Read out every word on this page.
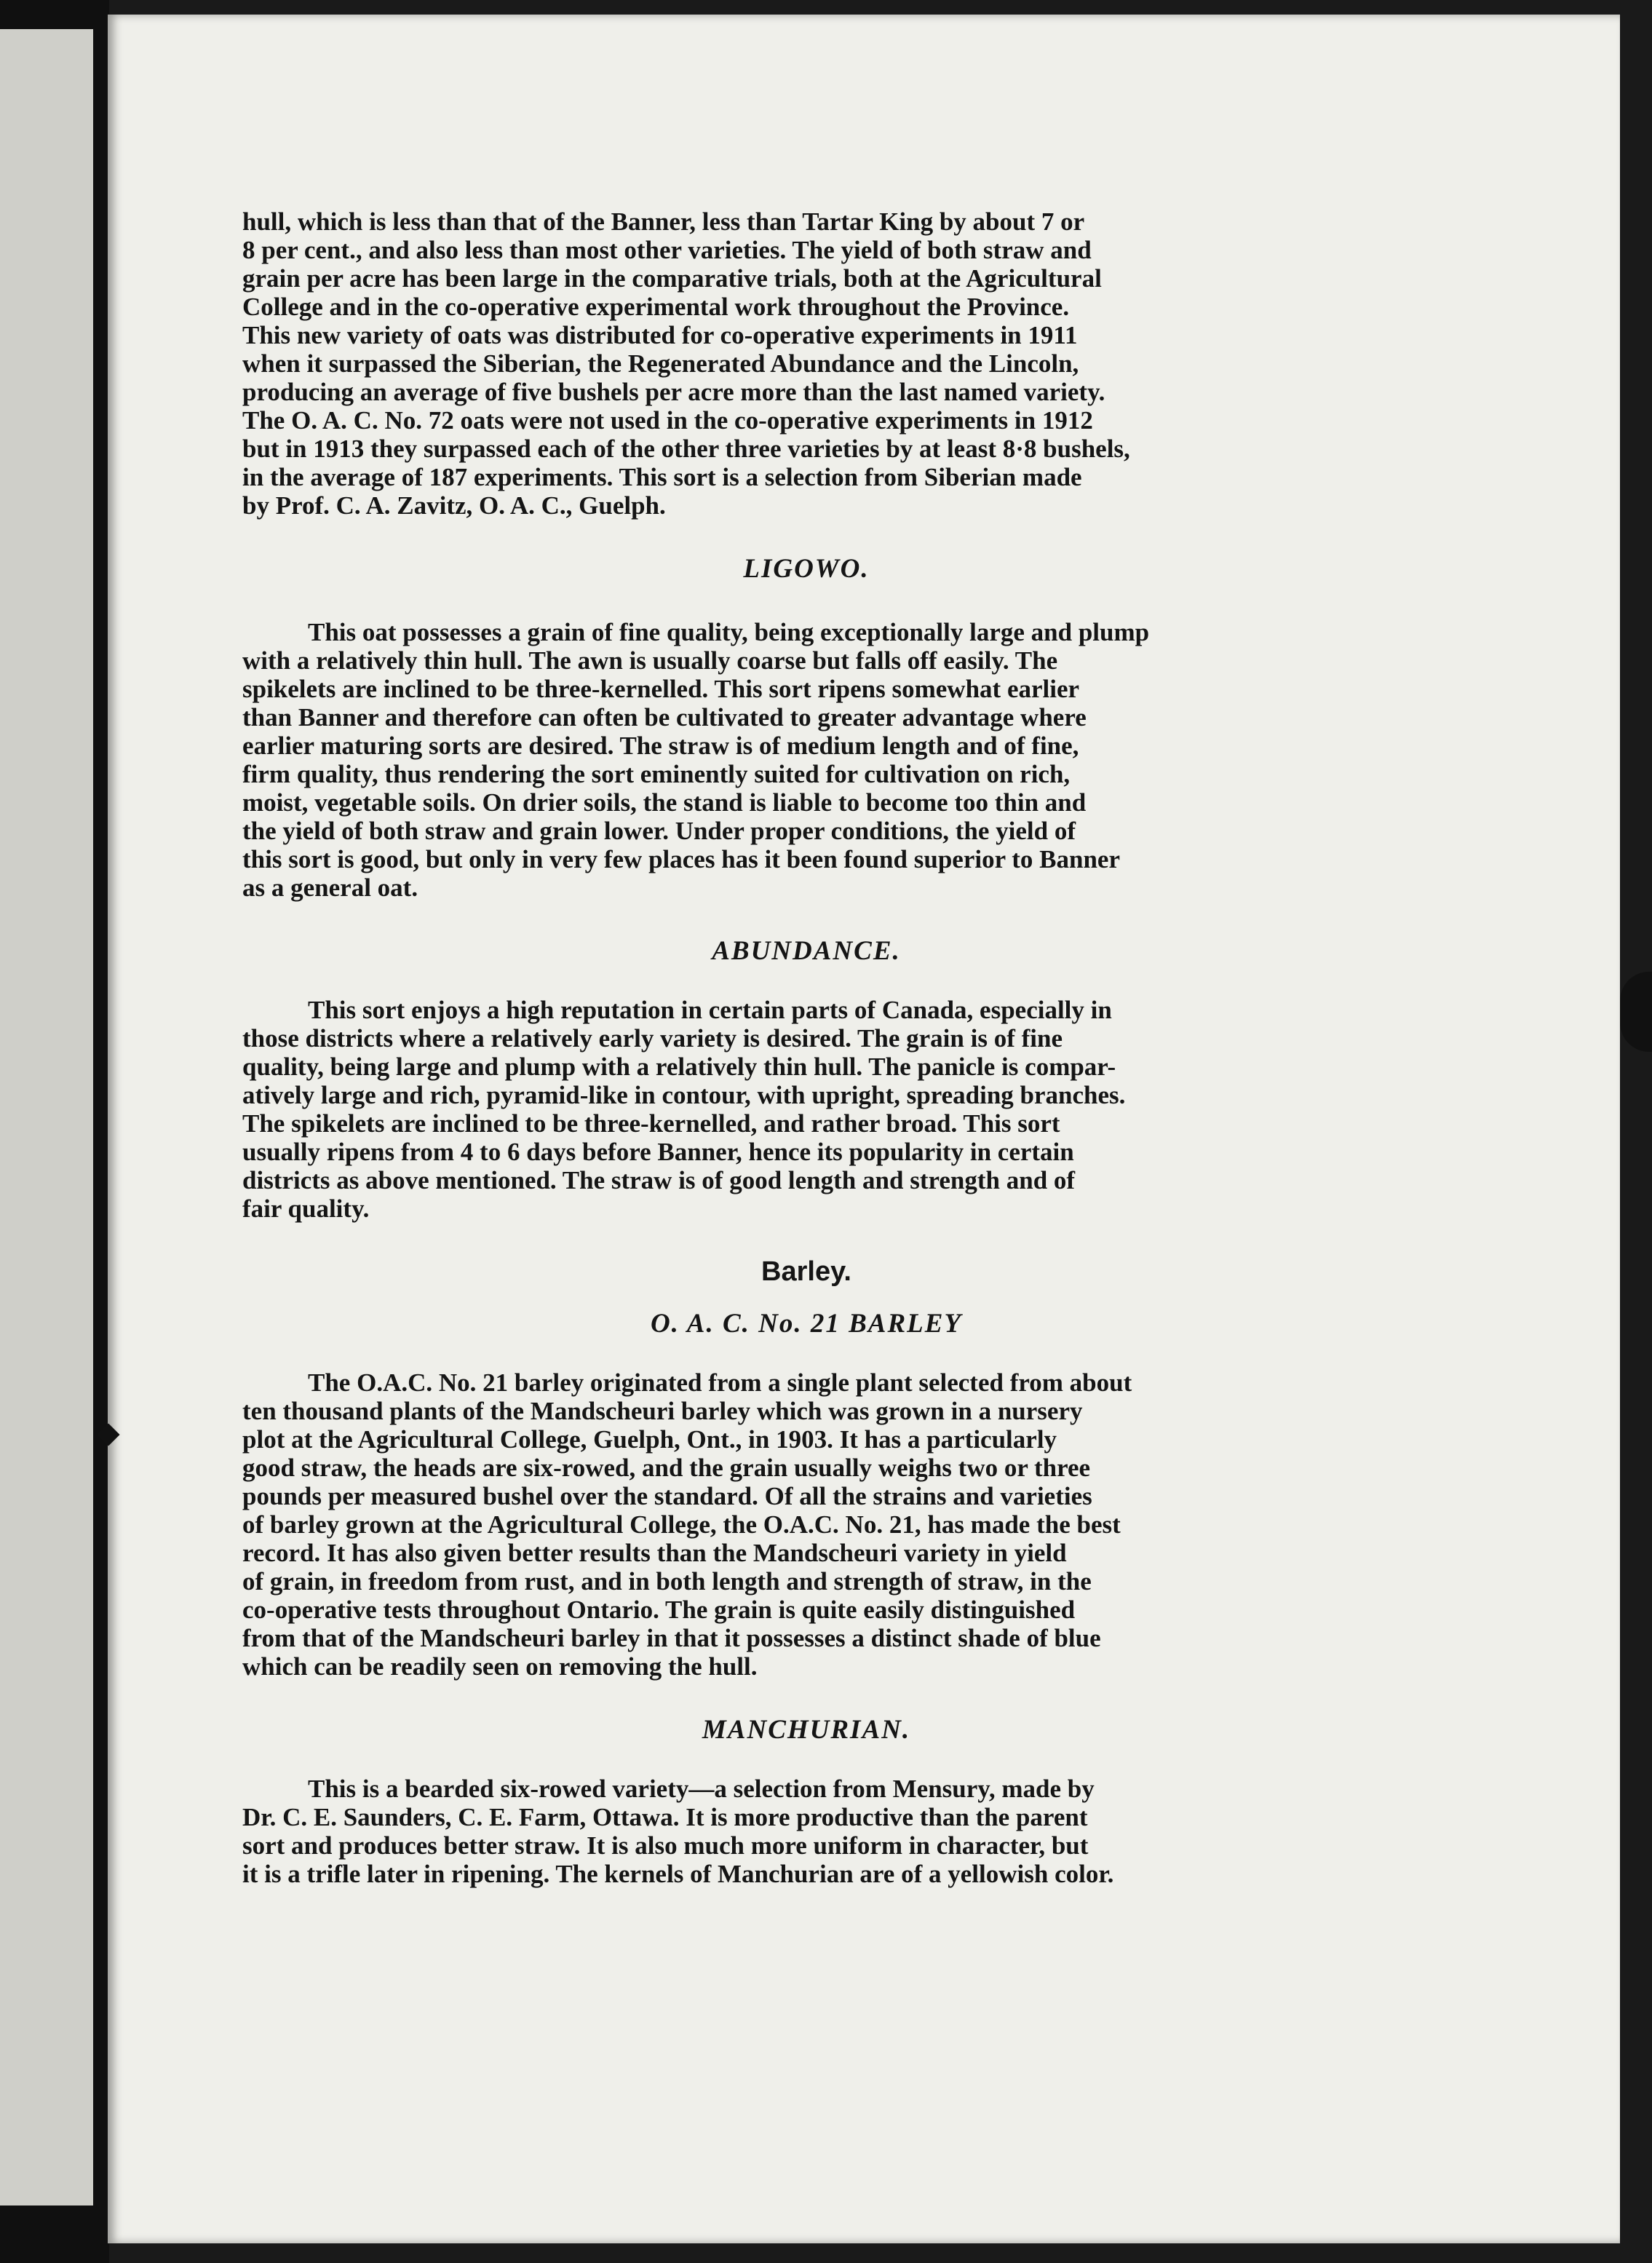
hull, which is less than that of the Banner, less than Tartar King by about 7 or
8 per cent., and also less than most other varieties. The yield of both straw and
grain per acre has been large in the comparative trials, both at the Agricultural
College and in the co-operative experimental work throughout the Province.
This new variety of oats was distributed for co-operative experiments in 1911
when it surpassed the Siberian, the Regenerated Abundance and the Lincoln,
producing an average of five bushels per acre more than the last named variety.
The O. A. C. No. 72 oats were not used in the co-operative experiments in 1912
but in 1913 they surpassed each of the other three varieties by at least 8·8 bushels,
in the average of 187 experiments. This sort is a selection from Siberian made
by Prof. C. A. Zavitz, O. A. C., Guelph.

LIGOWO.

This oat possesses a grain of fine quality, being exceptionally large and plump
with a relatively thin hull. The awn is usually coarse but falls off easily. The
spikelets are inclined to be three-kernelled. This sort ripens somewhat earlier
than Banner and therefore can often be cultivated to greater advantage where
earlier maturing sorts are desired. The straw is of medium length and of fine,
firm quality, thus rendering the sort eminently suited for cultivation on rich,
moist, vegetable soils. On drier soils, the stand is liable to become too thin and
the yield of both straw and grain lower. Under proper conditions, the yield of
this sort is good, but only in very few places has it been found superior to Banner
as a general oat.

ABUNDANCE.

This sort enjoys a high reputation in certain parts of Canada, especially in
those districts where a relatively early variety is desired. The grain is of fine
quality, being large and plump with a relatively thin hull. The panicle is compar-
atively large and rich, pyramid-like in contour, with upright, spreading branches.
The spikelets are inclined to be three-kernelled, and rather broad. This sort
usually ripens from 4 to 6 days before Banner, hence its popularity in certain
districts as above mentioned. The straw is of good length and strength and of
fair quality.

Barley.
O. A. C. No. 21 BARLEY

The O.A.C. No. 21 barley originated from a single plant selected from about
ten thousand plants of the Mandscheuri barley which was grown in a nursery
plot at the Agricultural College, Guelph, Ont., in 1903. It has a particularly
good straw, the heads are six-rowed, and the grain usually weighs two or three
pounds per measured bushel over the standard. Of all the strains and varieties
of barley grown at the Agricultural College, the O.A.C. No. 21, has made the best
record. It has also given better results than the Mandscheuri variety in yield
of grain, in freedom from rust, and in both length and strength of straw, in the
co-operative tests throughout Ontario. The grain is quite easily distinguished
from that of the Mandscheuri barley in that it possesses a distinct shade of blue
which can be readily seen on removing the hull.

MANCHURIAN.

This is a bearded six-rowed variety—a selection from Mensury, made by
Dr. C. E. Saunders, C. E. Farm, Ottawa. It is more productive than the parent
sort and produces better straw. It is also much more uniform in character, but
it is a trifle later in ripening. The kernels of Manchurian are of a yellowish color.
